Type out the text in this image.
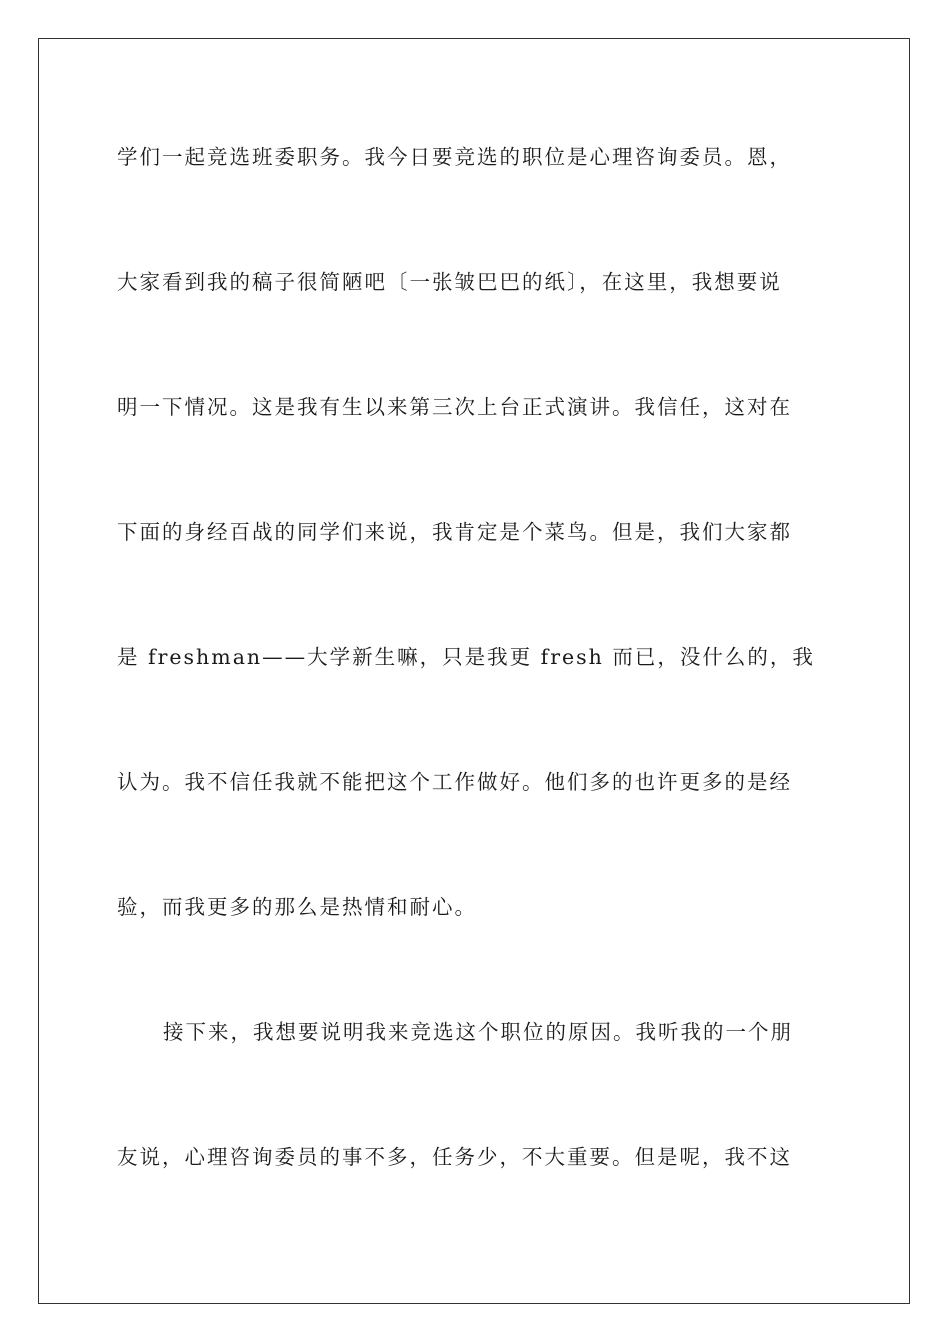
学们一起竞选班委职务。我今日要竞选的职位是心理咨询委员。恩，
大家看到我的稿子很简陋吧〔一张皱巴巴的纸〕，在这里，我想要说
明一下情况。这是我有生以来第三次上台正式演讲。我信任，这对在
下面的身经百战的同学们来说，我肯定是个菜鸟。但是，我们大家都
是 freshman——大学新生嘛，只是我更 fresh 而已，没什么的，我
认为。我不信任我就不能把这个工作做好。他们多的也许更多的是经
验，而我更多的那么是热情和耐心。
接下来，我想要说明我来竞选这个职位的原因。我听我的一个朋
友说，心理咨询委员的事不多，任务少，不大重要。但是呢，我不这
